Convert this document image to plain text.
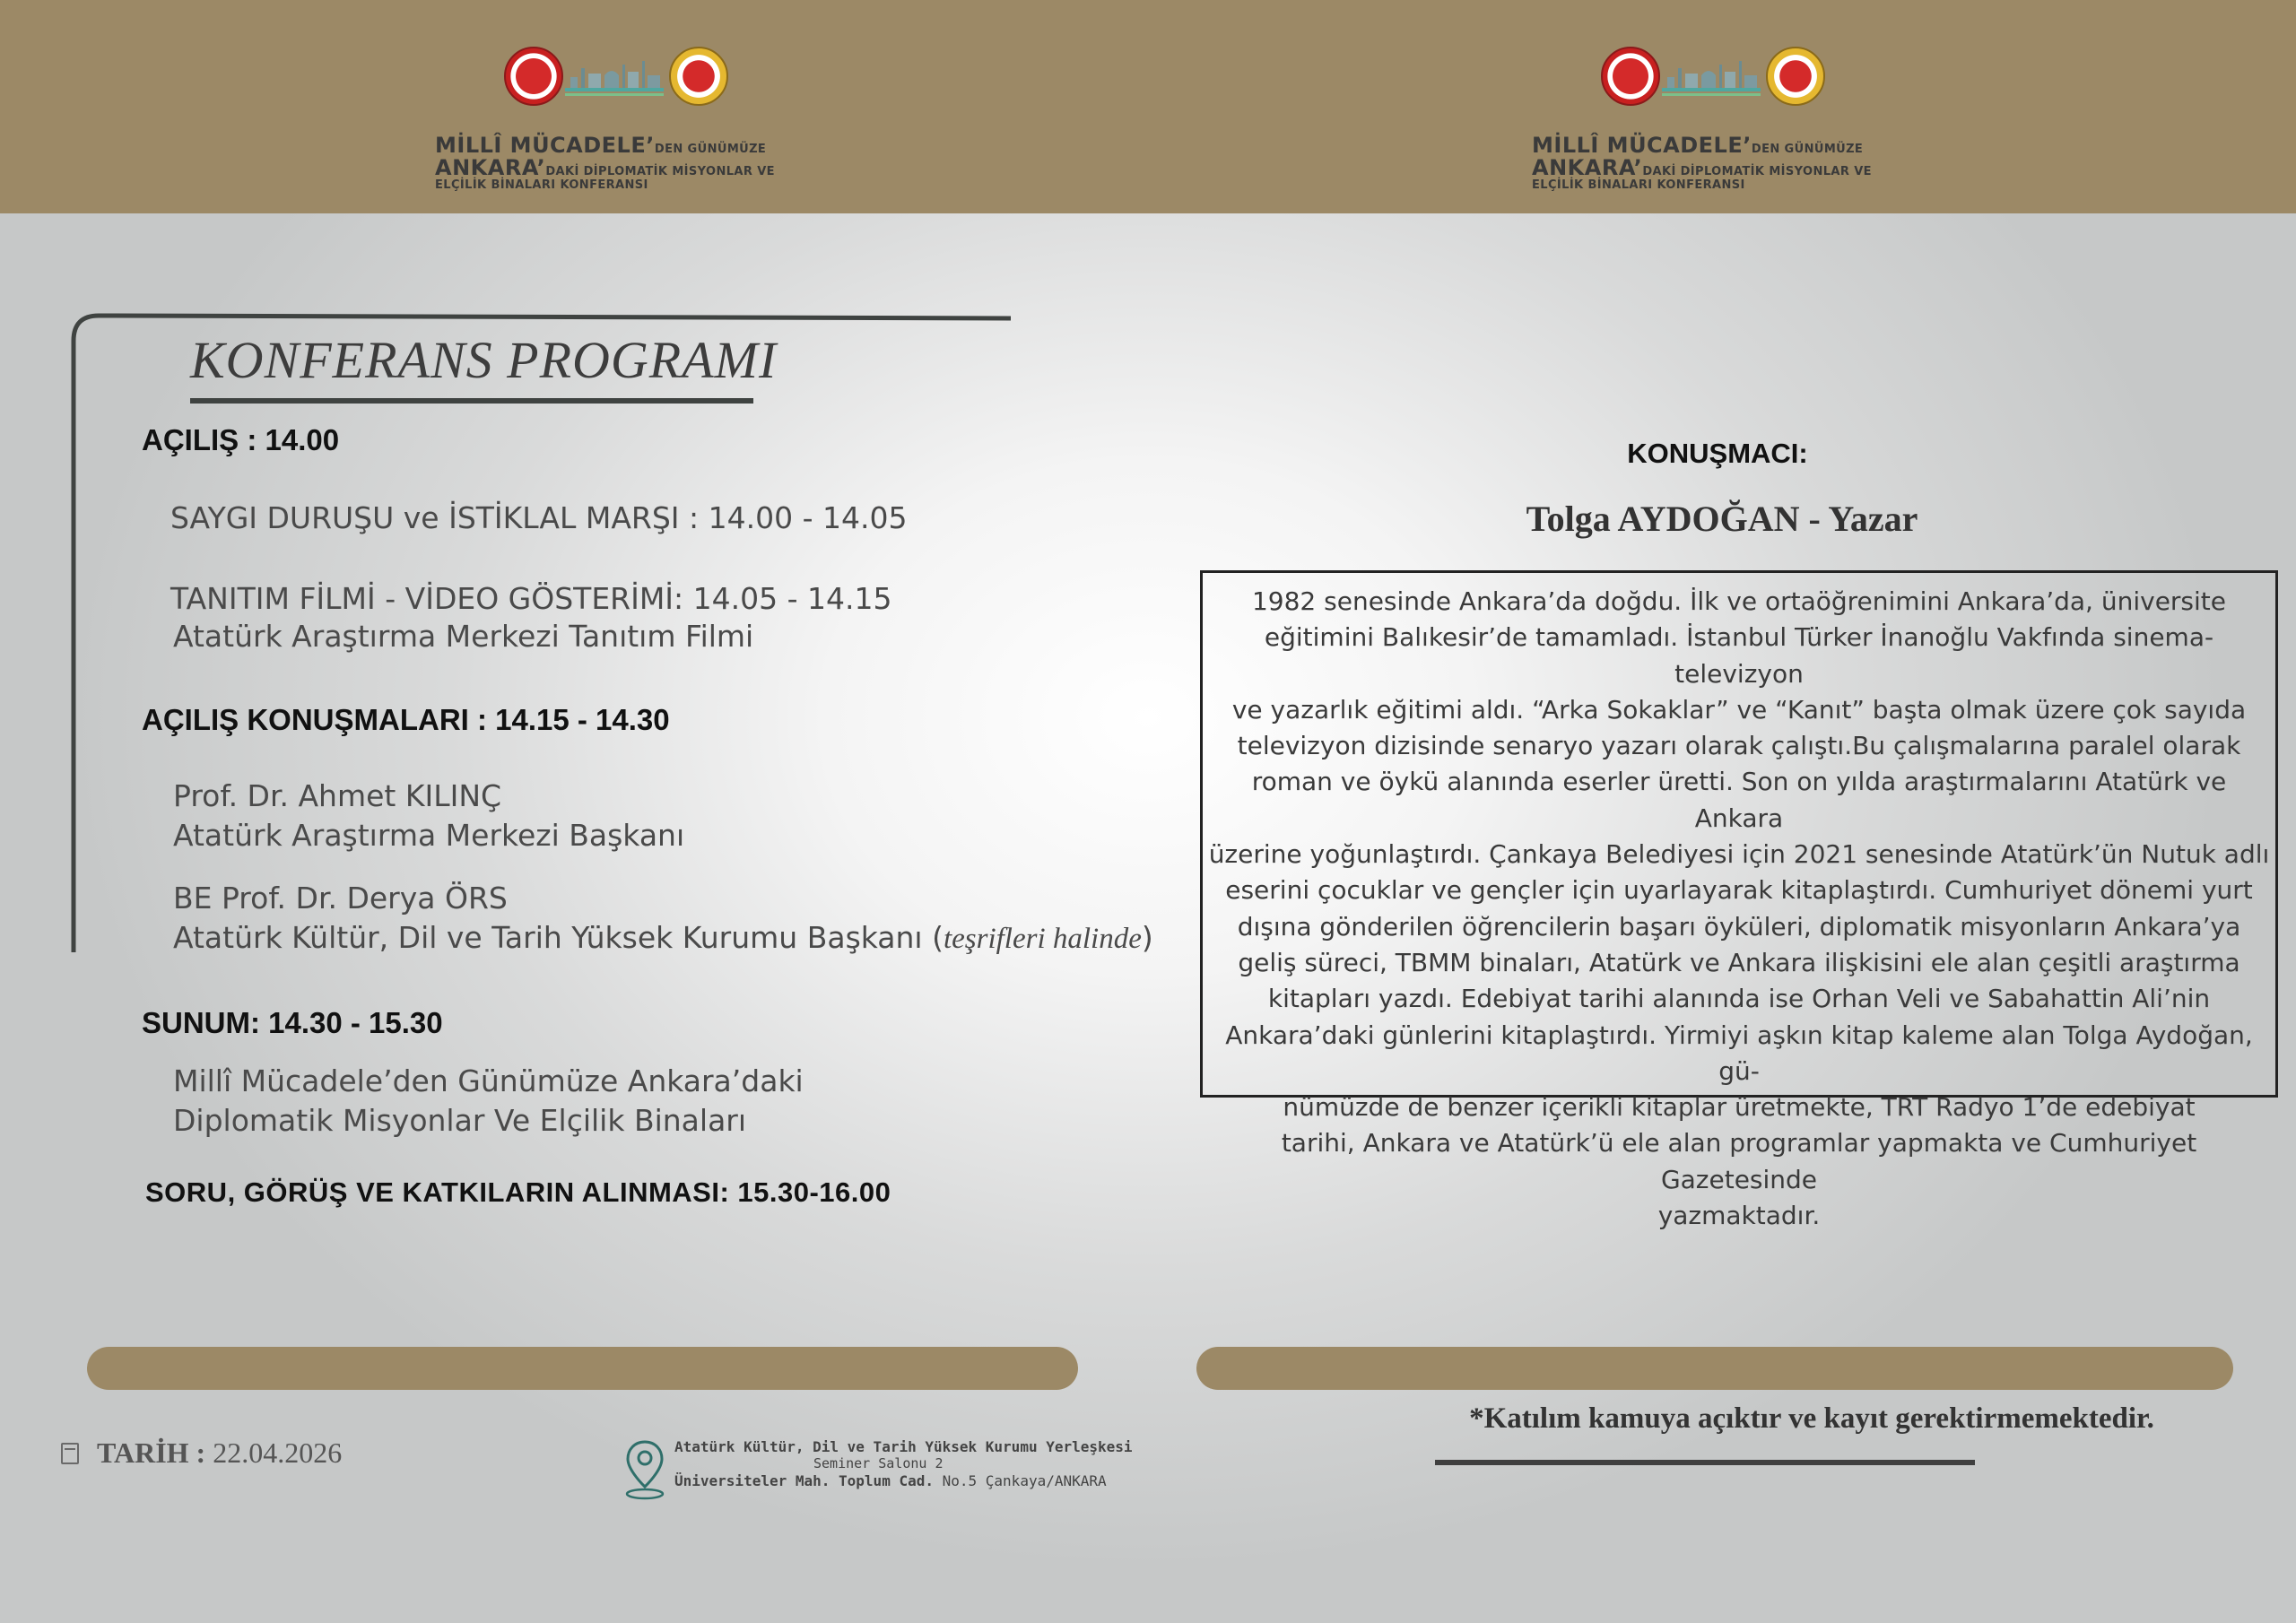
MİLLÎ MÜCADELE’DEN GÜNÜMÜZE
ANKARA’DAKİ DİPLOMATİK MİSYONLAR VE
ELÇİLİK BİNALARI KONFERANSI
MİLLÎ MÜCADELE’DEN GÜNÜMÜZE
ANKARA’DAKİ DİPLOMATİK MİSYONLAR VE
ELÇİLİK BİNALARI KONFERANSI
KONFERANS PROGRAMI
AÇILIŞ : 14.00
SAYGI DURUŞU ve İSTİKLAL MARŞI : 14.00 - 14.05
TANITIM FİLMİ - VİDEO GÖSTERİMİ: 14.05 - 14.15
Atatürk Araştırma Merkezi Tanıtım Filmi
AÇILIŞ KONUŞMALARI : 14.15 - 14.30
Prof. Dr. Ahmet KILINÇ
Atatürk Araştırma Merkezi Başkanı
BE Prof. Dr. Derya ÖRS
Atatürk Kültür, Dil ve Tarih Yüksek Kurumu Başkanı (teşrifleri halinde)
SUNUM: 14.30 - 15.30
Millî Mücadele’den Günümüze Ankara’daki
Diplomatik Misyonlar Ve Elçilik Binaları
SORU, GÖRÜŞ VE KATKILARIN ALINMASI: 15.30-16.00
KONUŞMACI:
Tolga AYDOĞAN - Yazar
1982 senesinde Ankara’da doğdu. İlk ve ortaöğrenimini Ankara’da, üniversite
eğitimini Balıkesir’de tamamladı. İstanbul Türker İnanoğlu Vakfında sinema-televizyon
ve yazarlık eğitimi aldı. “Arka Sokaklar” ve “Kanıt” başta olmak üzere çok sayıda
televizyon dizisinde senaryo yazarı olarak çalıştı.Bu çalışmalarına paralel olarak
roman ve öykü alanında eserler üretti. Son on yılda araştırmalarını Atatürk ve Ankara
üzerine yoğunlaştırdı. Çankaya Belediyesi için 2021 senesinde Atatürk’ün Nutuk adlı
eserini çocuklar ve gençler için uyarlayarak kitaplaştırdı. Cumhuriyet dönemi yurt
dışına gönderilen öğrencilerin başarı öyküleri, diplomatik misyonların Ankara’ya
geliş süreci, TBMM binaları, Atatürk ve Ankara ilişkisini ele alan çeşitli araştırma
kitapları yazdı. Edebiyat tarihi alanında ise Orhan Veli ve Sabahattin Ali’nin
Ankara’daki günlerini kitaplaştırdı. Yirmiyi aşkın kitap kaleme alan Tolga Aydoğan, gü-
nümüzde de benzer içerikli kitaplar üretmekte, TRT Radyo 1’de edebiyat
tarihi, Ankara ve Atatürk’ü ele alan programlar yapmakta ve Cumhuriyet Gazetesinde
yazmaktadır.
TARİH : 22.04.2026	Atatürk Kültür, Dil ve Tarih Yüksek Kurumu Yerleşkesi
Seminer Salonu 2
Üniversiteler Mah. Toplum Cad. No.5 Çankaya/ANKARA
*Katılım kamuya açıktır ve kayıt gerektirmemektedir.
